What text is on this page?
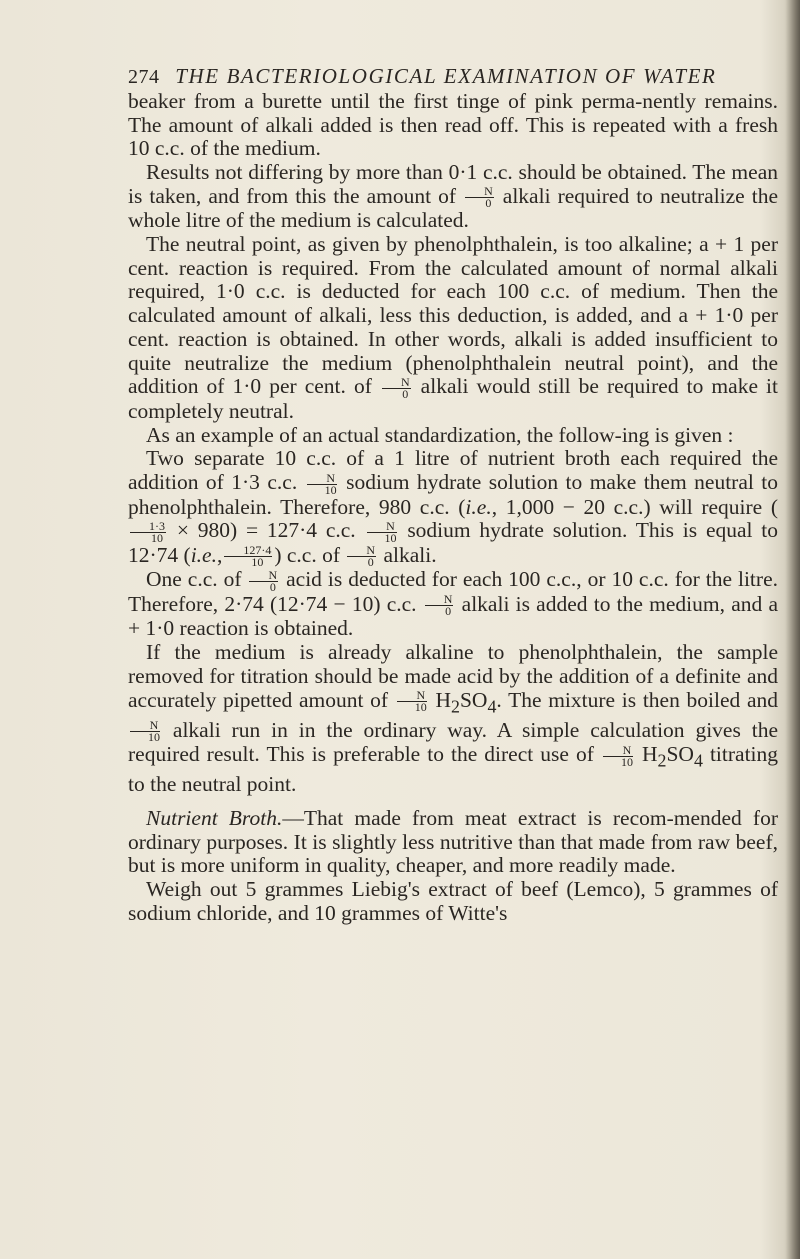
274 THE BACTERIOLOGICAL EXAMINATION OF WATER

beaker from a burette until the first tinge of pink perma-nently remains. The amount of alkali added is then read off. This is repeated with a fresh 10 c.c. of the medium.

Results not differing by more than 0·1 c.c. should be obtained. The mean is taken, and from this the amount of $\frac{N}{0}$ alkali required to neutralize the whole litre of the medium is calculated.

The neutral point, as given by phenolphthalein, is too alkaline; a + 1 per cent. reaction is required. From the calculated amount of normal alkali required, 1·0 c.c. is deducted for each 100 c.c. of medium. Then the calculated amount of alkali, less this deduction, is added, and a + 1·0 per cent. reaction is obtained. In other words, alkali is added insufficient to quite neutralize the medium (phenolphthalein neutral point), and the addition of 1·0 per cent. of $\frac{N}{0}$ alkali would still be required to make it completely neutral.

As an example of an actual standardization, the follow-ing is given :

Two separate 10 c.c. of a 1 litre of nutrient broth each required the addition of 1·3 c.c. $\frac{N}{10}$ sodium hydrate solution to make them neutral to phenolphthalein. Therefore, 980 c.c. (i.e., 1,000 − 20 c.c.) will require (
$\frac{1\cdot 3}{10} \times 980) = 127\cdot 4$ c.c. $\frac{N}{10}$ sodium hydrate solution. This is equal to 12·74 (i.e., $\frac{127\cdot 4}{10}$ ) c.c. of $\frac{N}{0}$ alkali.

One c.c. of $\frac{N}{0}$ acid is deducted for each 100 c.c., or 10 c.c. for the litre. Therefore, 2·74 (12·74 − 10) c.c. $\frac{N}{0}$ alkali is added to the medium, and a + 1·0 reaction is obtained.

If the medium is already alkaline to phenolphthalein, the sample removed for titration should be made acid by the addition of a definite and accurately pipetted amount of $\frac{N}{10} H_2SO_4$. The mixture is then boiled and
$\frac{N}{10}$ alkali run in in the ordinary way. A simple calculation gives the required result. This is preferable to the direct use of $\frac{N}{10} H_2SO_4$ titrating to the neutral point.

Nutrient Broth.—That made from meat extract is recom-mended for ordinary purposes. It is slightly less nutritive than that made from raw beef, but is more uniform in quality, cheaper, and more readily made.

Weigh out 5 grammes Liebig's extract of beef (Lemco), 5 grammes of sodium chloride, and 10 grammes of Witte's
